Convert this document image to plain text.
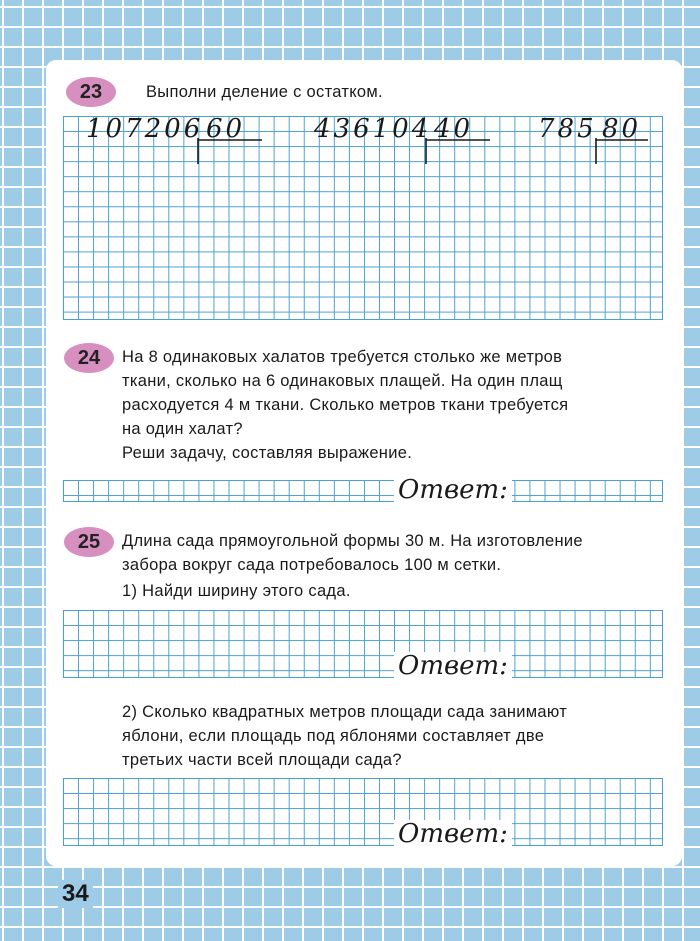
23	Выполни деление с остатком.
107206 60	436104 40 785 80
24	На 8 одинаковых халатов требуется столько же метров
ткани, сколько на 6 одинаковых плащей. На один плащ
расходуется 4 м ткани. Сколько метров ткани требуется
на один халат?
Реши задачу, составляя выражение.
Ответ:
25	Длина сада прямоугольной формы 30 м. На изготовление
забора вокруг сада потребовалось 100 м сетки.
1) Найди ширину этого сада.
Ответ:
2) Сколько квадратных метров площади сада занимают
яблони, если площадь под яблонями составляет две
третьих части всей площади сада?
Ответ:
34
